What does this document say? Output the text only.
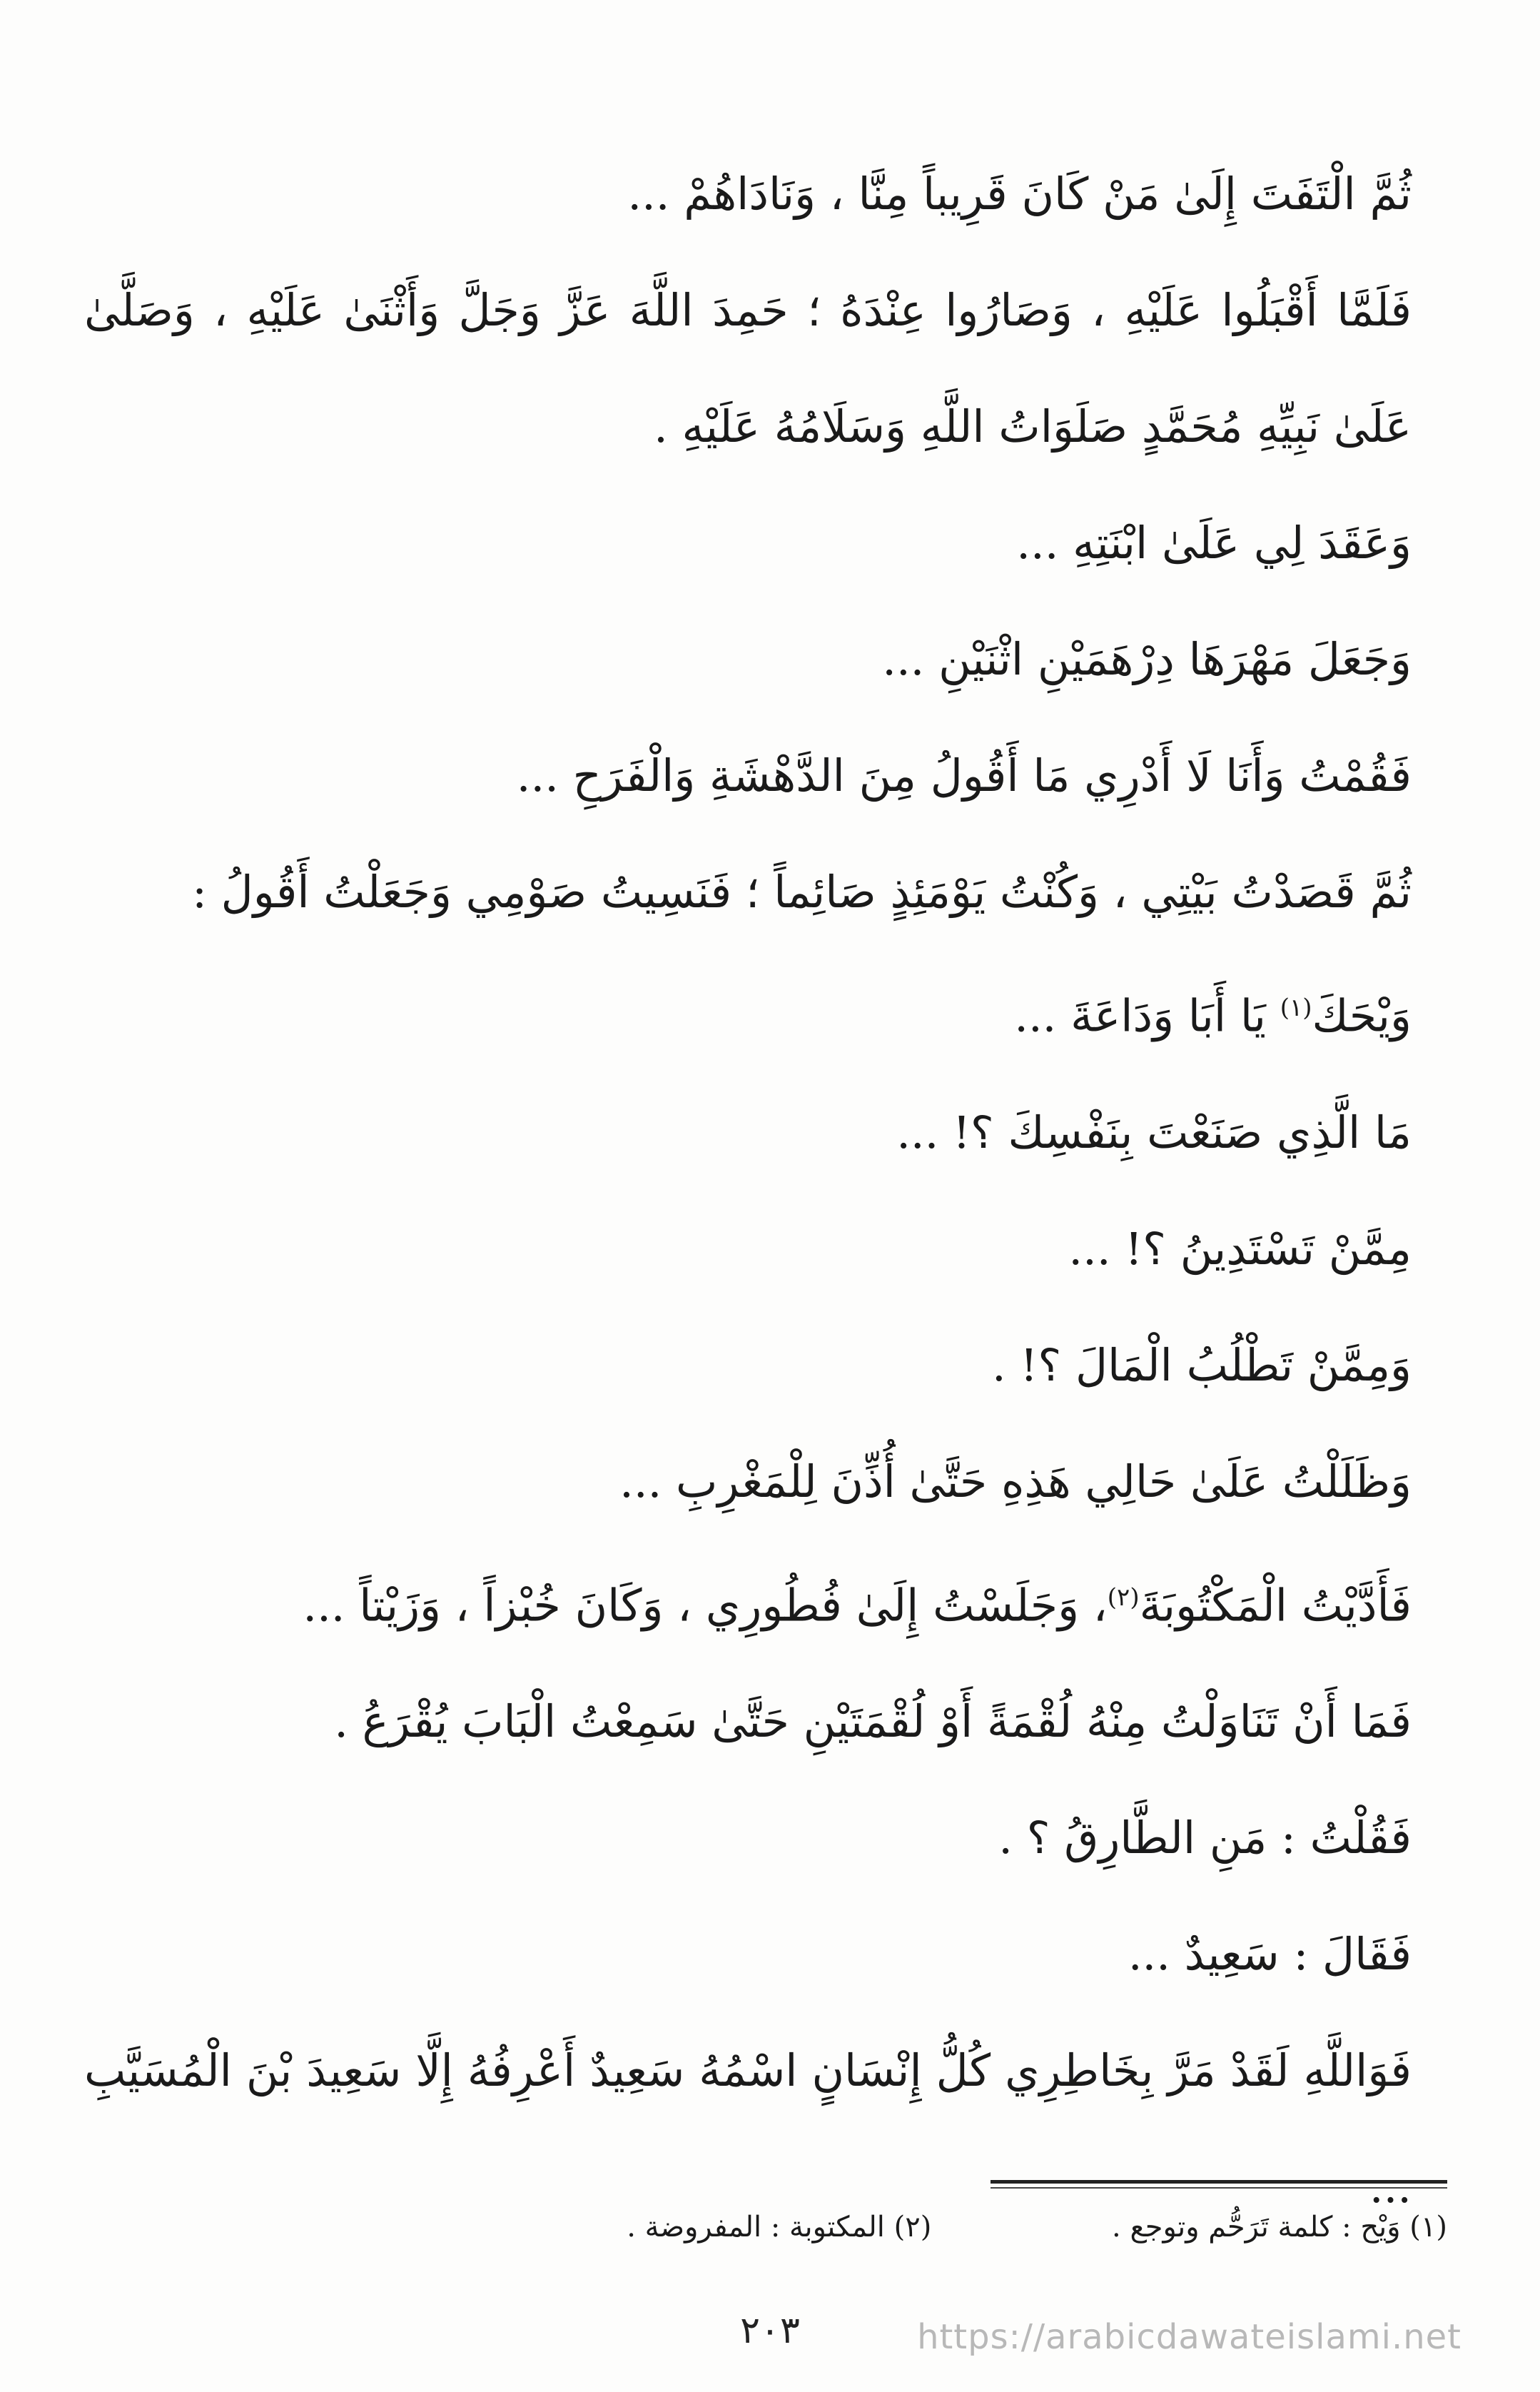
ثُمَّ الْتَفَتَ إِلَىٰ مَنْ كَانَ قَرِيباً مِنَّا ، وَنَادَاهُمْ ...

فَلَمَّا أَقْبَلُوا عَلَيْهِ ، وَصَارُوا عِنْدَهُ ؛ حَمِدَ اللَّهَ عَزَّ وَجَلَّ وَأَثْنَىٰ عَلَيْهِ ، وَصَلَّىٰ عَلَىٰ نَبِيِّهِ مُحَمَّدٍ صَلَوَاتُ اللَّهِ وَسَلَامُهُ عَلَيْهِ .

وَعَقَدَ لِي عَلَىٰ ابْنَتِهِ ...

وَجَعَلَ مَهْرَهَا دِرْهَمَيْنِ اثْنَيْنِ ...

فَقُمْتُ وَأَنَا لَا أَدْرِي مَا أَقُولُ مِنَ الدَّهْشَةِ وَالْفَرَحِ ...

ثُمَّ قَصَدْتُ بَيْتِي ، وَكُنْتُ يَوْمَئِذٍ صَائِماً ؛ فَنَسِيتُ صَوْمِي وَجَعَلْتُ أَقُولُ :

وَيْحَكَ$^{(١)}$ يَا أَبَا وَدَاعَةَ ...

مَا الَّذِي صَنَعْتَ بِنَفْسِكَ ؟! ...

مِمَّنْ تَسْتَدِينُ ؟! ...

وَمِمَّنْ تَطْلُبُ الْمَالَ ؟! .

وَظَلَلْتُ عَلَىٰ حَالِي هَذِهِ حَتَّىٰ أُذِّنَ لِلْمَغْرِبِ ...

فَأَدَّيْتُ الْمَكْتُوبَةَ$^{(٢)}$، وَجَلَسْتُ إِلَىٰ فُطُورِي ، وَكَانَ خُبْزاً ، وَزَيْتاً ...

فَمَا أَنْ تَنَاوَلْتُ مِنْهُ لُقْمَةً أَوْ لُقْمَتَيْنِ حَتَّىٰ سَمِعْتُ الْبَابَ يُقْرَعُ .

فَقُلْتُ : مَنِ الطَّارِقُ ؟ .

فَقَالَ : سَعِيدٌ ...

فَوَاللَّهِ لَقَدْ مَرَّ بِخَاطِرِي كُلُّ إِنْسَانٍ اسْمُهُ سَعِيدٌ أَعْرِفُهُ إِلَّا سَعِيدَ بْنَ الْمُسَيَّبِ ...

(١) وَيْح : كلمة تَرَحُّم وتوجع . (٢) المكتوبة : المفروضة .
٢٠٣	https://arabicdawateislami.net
